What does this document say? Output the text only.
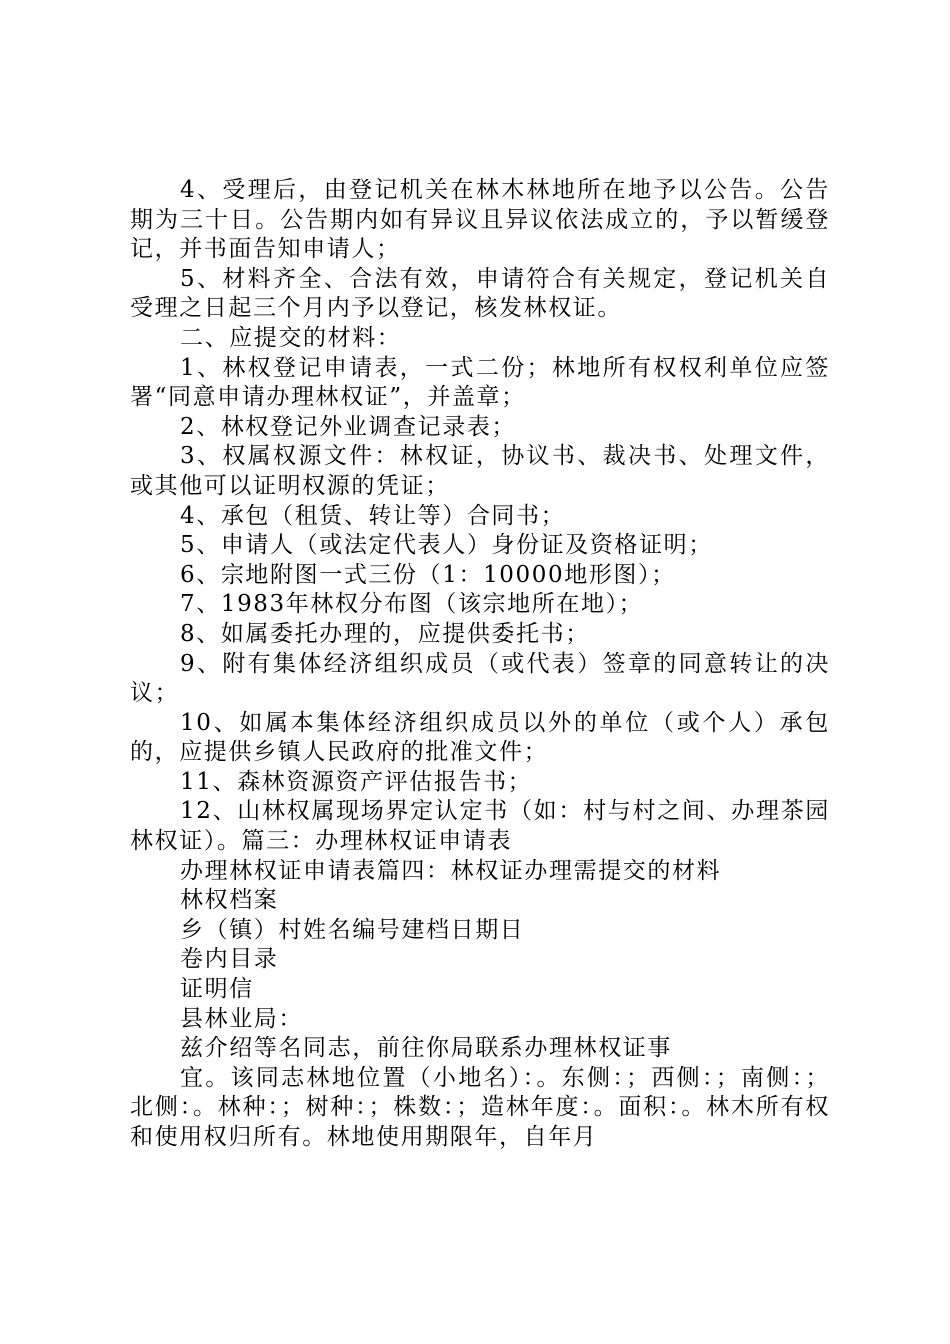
4、受理后，由登记机关在林木林地所在地予以公告。公告期为三十日。公告期内如有异议且异议依法成立的，予以暂缓登记，并书面告知申请人；

5、材料齐全、合法有效，申请符合有关规定，登记机关自受理之日起三个月内予以登记，核发林权证。

二、应提交的材料：

1、林权登记申请表，一式二份；林地所有权权利单位应签署“同意申请办理林权证”，并盖章；

2、林权登记外业调查记录表；

3、权属权源文件：林权证，协议书、裁决书、处理文件，或其他可以证明权源的凭证；

4、承包（租赁、转让等）合同书；

5、申请人（或法定代表人）身份证及资格证明；

6、宗地附图一式三份（1：10000地形图）；

7、1983年林权分布图（该宗地所在地）；

8、如属委托办理的，应提供委托书；

9、附有集体经济组织成员（或代表）签章的同意转让的决议；

10、如属本集体经济组织成员以外的单位（或个人）承包的，应提供乡镇人民政府的批准文件；

11、森林资源资产评估报告书；

12、山林权属现场界定认定书（如：村与村之间、办理茶园林权证）。篇三：办理林权证申请表

办理林权证申请表篇四：林权证办理需提交的材料

林权档案

乡（镇）村姓名编号建档日期日

卷内目录

证明信

县林业局：

兹介绍等名同志，前往你局联系办理林权证事

宜。该同志林地位置（小地名）：。东侧：；西侧：；南侧：；北侧：。林种：；树种：；株数：；造林年度：。面积：。林木所有权和使用权归所有。林地使用期限年，自年月
